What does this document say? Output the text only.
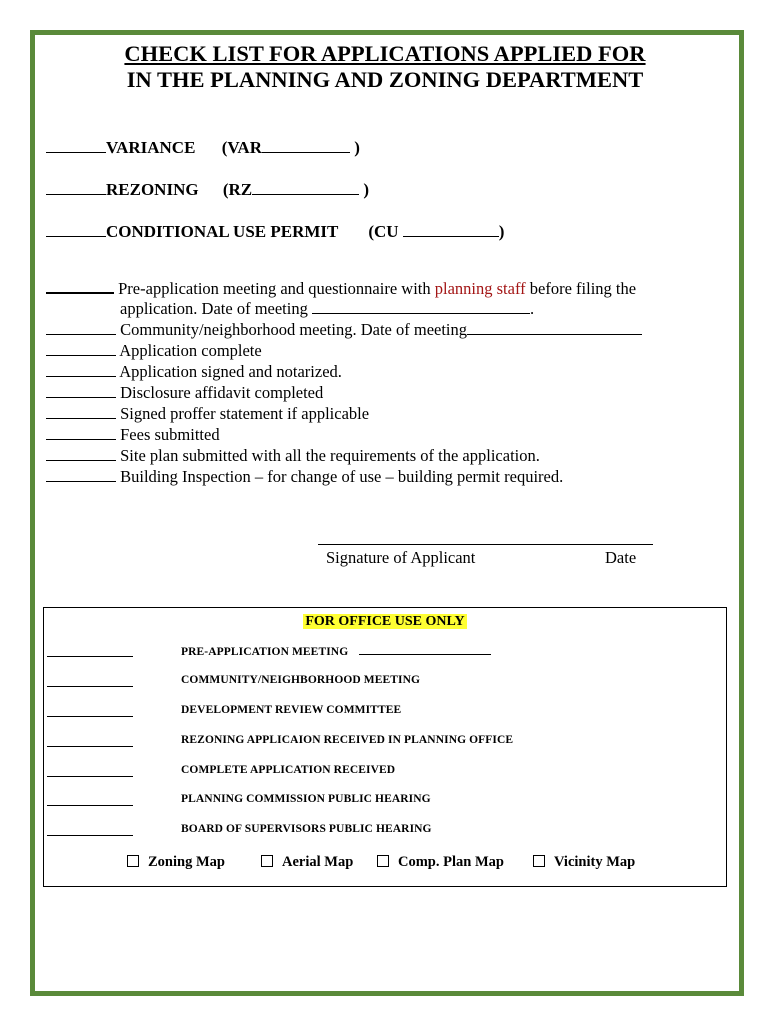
CHECK LIST FOR APPLICATIONS APPLIED FOR
IN THE PLANNING AND ZONING DEPARTMENT
VARIANCE (VAR	)
REZONING (RZ	)
CONDITIONAL USE PERMIT (CU	)
Pre-application meeting and questionnaire with planning staff before filing the
application. Date of meeting	.
Community/neighborhood meeting. Date of meeting
Application complete
Application signed and notarized.
Disclosure affidavit completed
Signed proffer statement if applicable
Fees submitted
Site plan submitted with all the requirements of the application.
Building Inspection – for change of use – building permit required.
Signature of Applicant	Date
FOR OFFICE USE ONLY
PRE-APPLICATION MEETING
COMMUNITY/NEIGHBORHOOD MEETING
DEVELOPMENT REVIEW COMMITTEE
REZONING APPLICAION RECEIVED IN PLANNING OFFICE
COMPLETE APPLICATION RECEIVED
PLANNING COMMISSION PUBLIC HEARING
BOARD OF SUPERVISORS PUBLIC HEARING
Zoning Map	Aerial Map	Comp. Plan Map	Vicinity Map
